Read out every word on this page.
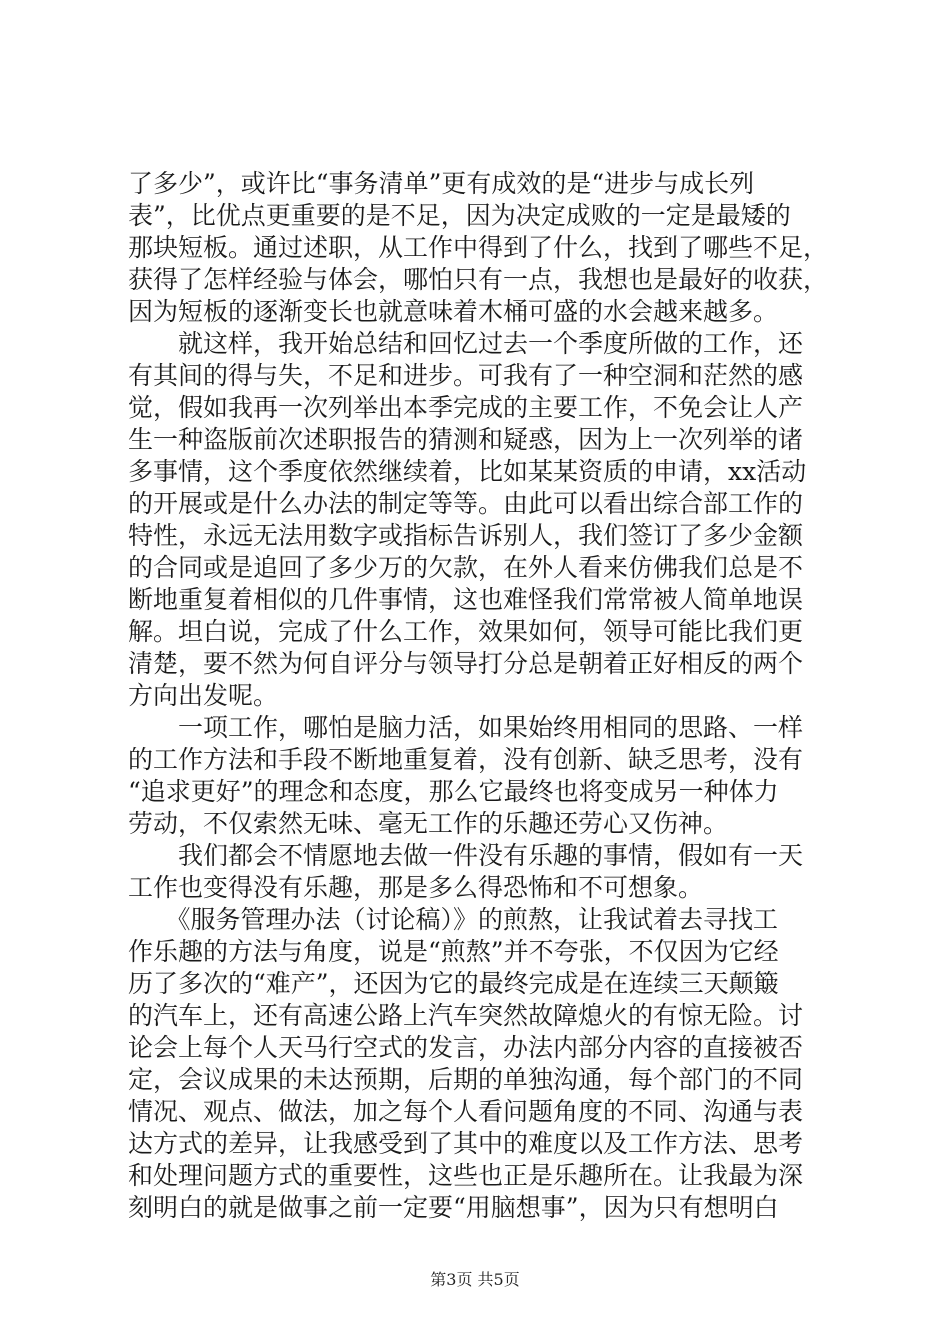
了多少”，或许比“事务清单”更有成效的是“进步与成长列
表”，比优点更重要的是不足，因为决定成败的一定是最矮的
那块短板。通过述职，从工作中得到了什么，找到了哪些不足，
获得了怎样经验与体会，哪怕只有一点，我想也是最好的收获，
因为短板的逐渐变长也就意味着木桶可盛的水会越来越多。
　　就这样，我开始总结和回忆过去一个季度所做的工作，还
有其间的得与失，不足和进步。可我有了一种空洞和茫然的感
觉，假如我再一次列举出本季完成的主要工作，不免会让人产
生一种盗版前次述职报告的猜测和疑惑，因为上一次列举的诸
多事情，这个季度依然继续着，比如某某资质的申请，xx活动
的开展或是什么办法的制定等等。由此可以看出综合部工作的
特性，永远无法用数字或指标告诉别人，我们签订了多少金额
的合同或是追回了多少万的欠款，在外人看来仿佛我们总是不
断地重复着相似的几件事情，这也难怪我们常常被人简单地误
解。坦白说，完成了什么工作，效果如何，领导可能比我们更
清楚，要不然为何自评分与领导打分总是朝着正好相反的两个
方向出发呢。
　　一项工作，哪怕是脑力活，如果始终用相同的思路、一样
的工作方法和手段不断地重复着，没有创新、缺乏思考，没有
“追求更好”的理念和态度，那么它最终也将变成另一种体力
劳动，不仅索然无味、毫无工作的乐趣还劳心又伤神。
　　我们都会不情愿地去做一件没有乐趣的事情，假如有一天
工作也变得没有乐趣，那是多么得恐怖和不可想象。
　　《服务管理办法（讨论稿）》的煎熬，让我试着去寻找工
作乐趣的方法与角度，说是“煎熬”并不夸张，不仅因为它经
历了多次的“难产”，还因为它的最终完成是在连续三天颠簸
的汽车上，还有高速公路上汽车突然故障熄火的有惊无险。讨
论会上每个人天马行空式的发言，办法内部分内容的直接被否
定，会议成果的未达预期，后期的单独沟通，每个部门的不同
情况、观点、做法，加之每个人看问题角度的不同、沟通与表
达方式的差异，让我感受到了其中的难度以及工作方法、思考
和处理问题方式的重要性，这些也正是乐趣所在。让我最为深
刻明白的就是做事之前一定要“用脑想事”，因为只有想明白
第3页 共5页
